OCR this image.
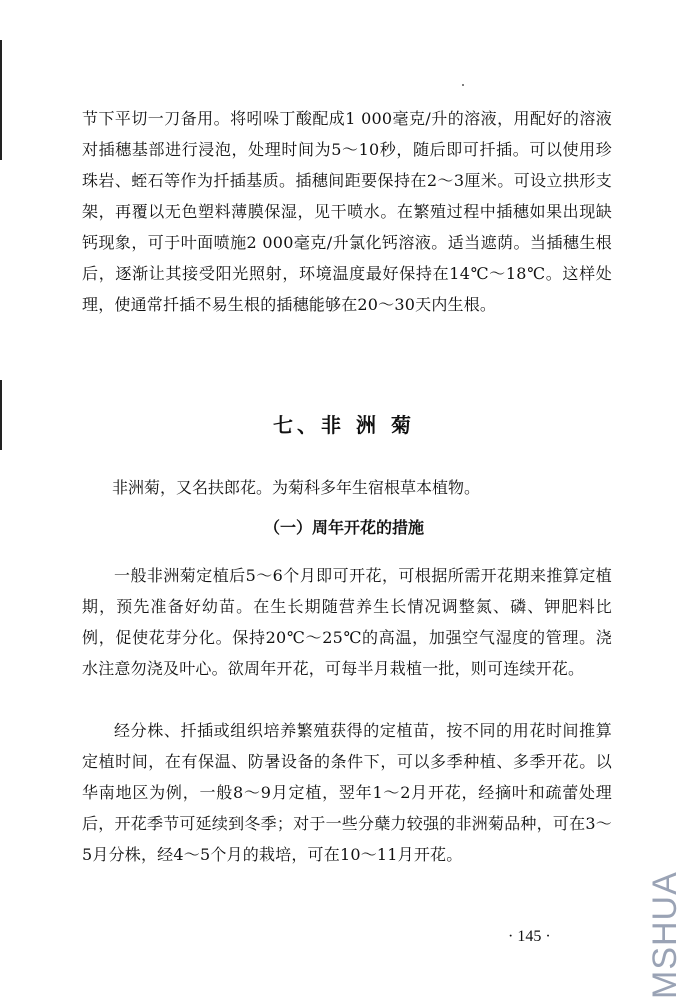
节下平切一刀备用。将吲哚丁酸配成1 000毫克/升的溶液，用配好的溶液对插穗基部进行浸泡，处理时间为5～10秒，随后即可扦插。可以使用珍珠岩、蛭石等作为扦插基质。插穗间距要保持在2～3厘米。可设立拱形支架，再覆以无色塑料薄膜保湿，见干喷水。在繁殖过程中插穗如果出现缺钙现象，可于叶面喷施2 000毫克/升氯化钙溶液。适当遮荫。当插穗生根后，逐渐让其接受阳光照射，环境温度最好保持在14℃～18℃。这样处理，使通常扦插不易生根的插穗能够在20～30天内生根。

七、非 洲 菊
非洲菊，又名扶郎花。为菊科多年生宿根草本植物。
（一）周年开花的措施

一般非洲菊定植后5～6个月即可开花，可根据所需开花期来推算定植期，预先准备好幼苗。在生长期随营养生长情况调整氮、磷、钾肥料比例，促使花芽分化。保持20℃～25℃的高温，加强空气湿度的管理。浇水注意勿浇及叶心。欲周年开花，可每半月栽植一批，则可连续开花。

经分株、扦插或组织培养繁殖获得的定植苗，按不同的用花时间推算定植时间，在有保温、防暑设备的条件下，可以多季种植、多季开花。以华南地区为例，一般8～9月定植，翌年1～2月开花，经摘叶和疏蕾处理后，开花季节可延续到冬季；对于一些分蘖力较强的非洲菊品种，可在3～5月分株，经4～5个月的栽培，可在10～11月开花。

· 145 ·	MSHUA
